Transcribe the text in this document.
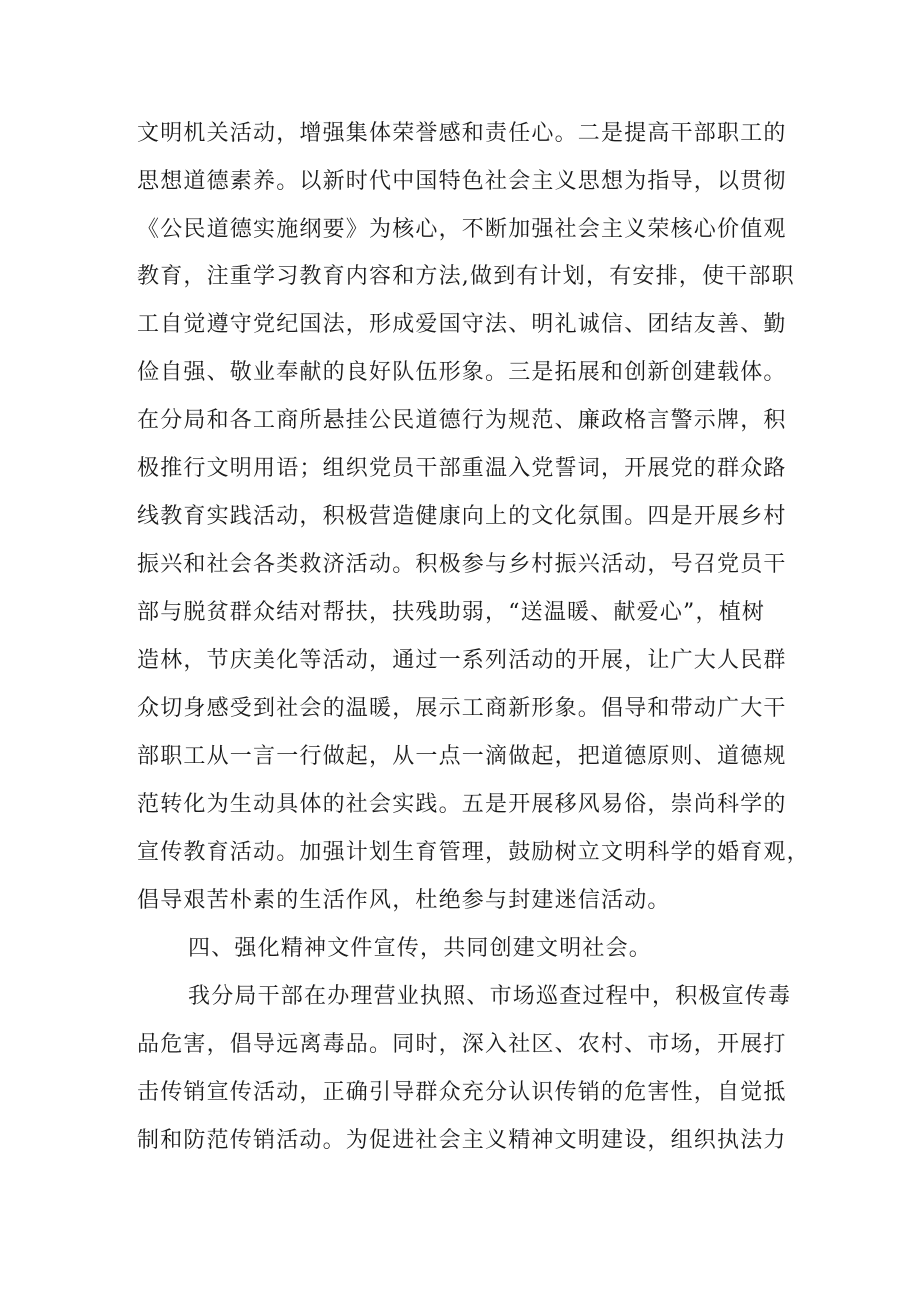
文明机关活动，增强集体荣誉感和责任心。二是提高干部职工的
思想道德素养。以新时代中国特色社会主义思想为指导，以贯彻
《公民道德实施纲要》为核心，不断加强社会主义荣核心价值观
教育，注重学习教育内容和方法,做到有计划，有安排，使干部职
工自觉遵守党纪国法，形成爱国守法、明礼诚信、团结友善、勤
俭自强、敬业奉献的良好队伍形象。三是拓展和创新创建载体。
在分局和各工商所悬挂公民道德行为规范、廉政格言警示牌，积
极推行文明用语；组织党员干部重温入党誓词，开展党的群众路
线教育实践活动，积极营造健康向上的文化氛围。四是开展乡村
振兴和社会各类救济活动。积极参与乡村振兴活动，号召党员干
部与脱贫群众结对帮扶，扶残助弱，“送温暖、献爱心”，植树
造林，节庆美化等活动，通过一系列活动的开展，让广大人民群
众切身感受到社会的温暖，展示工商新形象。倡导和带动广大干
部职工从一言一行做起，从一点一滴做起，把道德原则、道德规
范转化为生动具体的社会实践。五是开展移风易俗，崇尚科学的
宣传教育活动。加强计划生育管理，鼓励树立文明科学的婚育观，
倡导艰苦朴素的生活作风，杜绝参与封建迷信活动。
四、强化精神文件宣传，共同创建文明社会。
我分局干部在办理营业执照、市场巡查过程中，积极宣传毒
品危害，倡导远离毒品。同时，深入社区、农村、市场，开展打
击传销宣传活动，正确引导群众充分认识传销的危害性，自觉抵
制和防范传销活动。为促进社会主义精神文明建设，组织执法力
